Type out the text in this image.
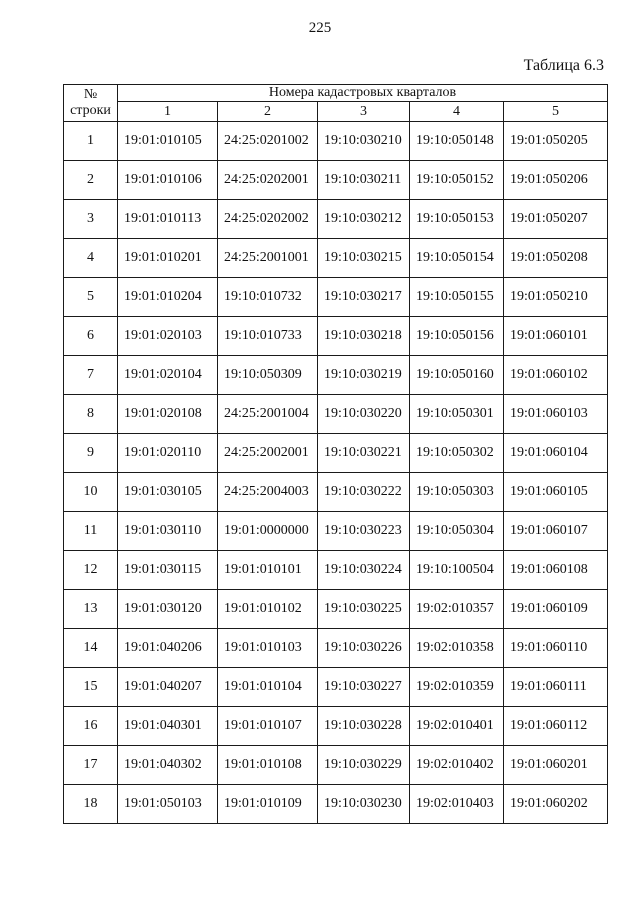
225
Таблица 6.3
№
строки	Номера кадастровых кварталов				
	1	2	3	4	5
1	19:01:010105	24:25:0201002	19:10:030210	19:10:050148	19:01:050205
2	19:01:010106	24:25:0202001	19:10:030211	19:10:050152	19:01:050206
3	19:01:010113	24:25:0202002	19:10:030212	19:10:050153	19:01:050207
4	19:01:010201	24:25:2001001	19:10:030215	19:10:050154	19:01:050208
5	19:01:010204	19:10:010732	19:10:030217	19:10:050155	19:01:050210
6	19:01:020103	19:10:010733	19:10:030218	19:10:050156	19:01:060101
7	19:01:020104	19:10:050309	19:10:030219	19:10:050160	19:01:060102
8	19:01:020108	24:25:2001004	19:10:030220	19:10:050301	19:01:060103
9	19:01:020110	24:25:2002001	19:10:030221	19:10:050302	19:01:060104
10	19:01:030105	24:25:2004003	19:10:030222	19:10:050303	19:01:060105
11	19:01:030110	19:01:0000000	19:10:030223	19:10:050304	19:01:060107
12	19:01:030115	19:01:010101	19:10:030224	19:10:100504	19:01:060108
13	19:01:030120	19:01:010102	19:10:030225	19:02:010357	19:01:060109
14	19:01:040206	19:01:010103	19:10:030226	19:02:010358	19:01:060110
15	19:01:040207	19:01:010104	19:10:030227	19:02:010359	19:01:060111
16	19:01:040301	19:01:010107	19:10:030228	19:02:010401	19:01:060112
17	19:01:040302	19:01:010108	19:10:030229	19:02:010402	19:01:060201
18	19:01:050103	19:01:010109	19:10:030230	19:02:010403	19:01:060202
